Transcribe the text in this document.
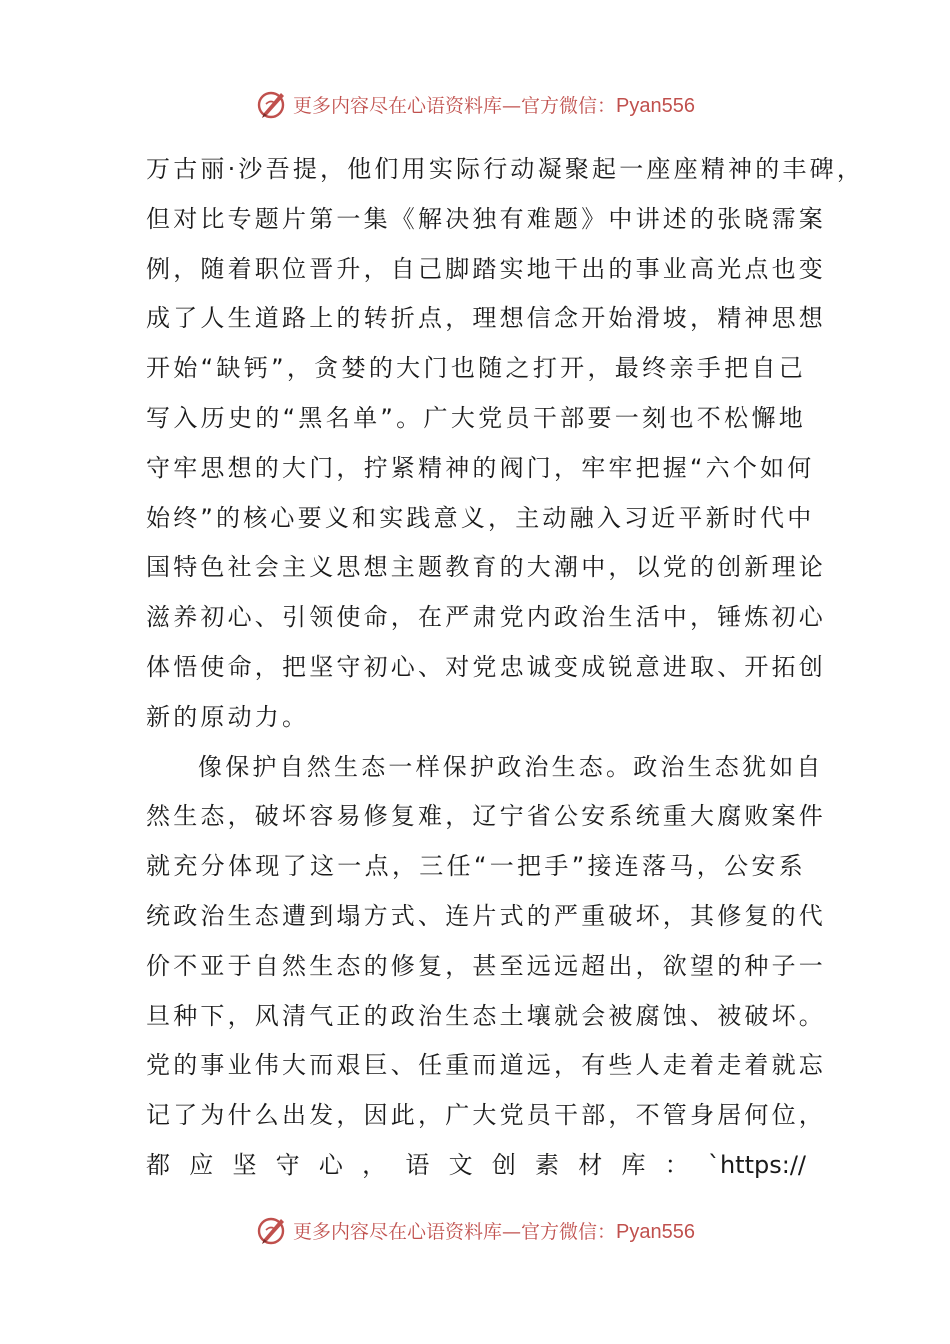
更多内容尽在心语资料库—官方微信：Pyan556
万古丽·沙吾提，他们用实际行动凝聚起一座座精神的丰碑，
但对比专题片第一集《解决独有难题》中讲述的张晓霈案
例，随着职位晋升，自己脚踏实地干出的事业高光点也变
成了人生道路上的转折点，理想信念开始滑坡，精神思想
开始“缺钙”，贪婪的大门也随之打开，最终亲手把自己
写入历史的“黑名单”。广大党员干部要一刻也不松懈地
守牢思想的大门，拧紧精神的阀门，牢牢把握“六个如何
始终”的核心要义和实践意义，主动融入习近平新时代中
国特色社会主义思想主题教育的大潮中，以党的创新理论
滋养初心、引领使命，在严肃党内政治生活中，锤炼初心
体悟使命，把坚守初心、对党忠诚变成锐意进取、开拓创
新的原动力。
像保护自然生态一样保护政治生态。政治生态犹如自
然生态，破坏容易修复难，辽宁省公安系统重大腐败案件
就充分体现了这一点，三任“一把手”接连落马，公安系
统政治生态遭到塌方式、连片式的严重破坏，其修复的代
价不亚于自然生态的修复，甚至远远超出，欲望的种子一
旦种下，风清气正的政治生态土壤就会被腐蚀、被破坏。
党的事业伟大而艰巨、任重而道远，有些人走着走着就忘
记了为什么出发，因此，广大党员干部，不管身居何位，
都 应 坚 守 心 ， 语 文 创 素 材 库 ： `https://
更多内容尽在心语资料库—官方微信：Pyan556
